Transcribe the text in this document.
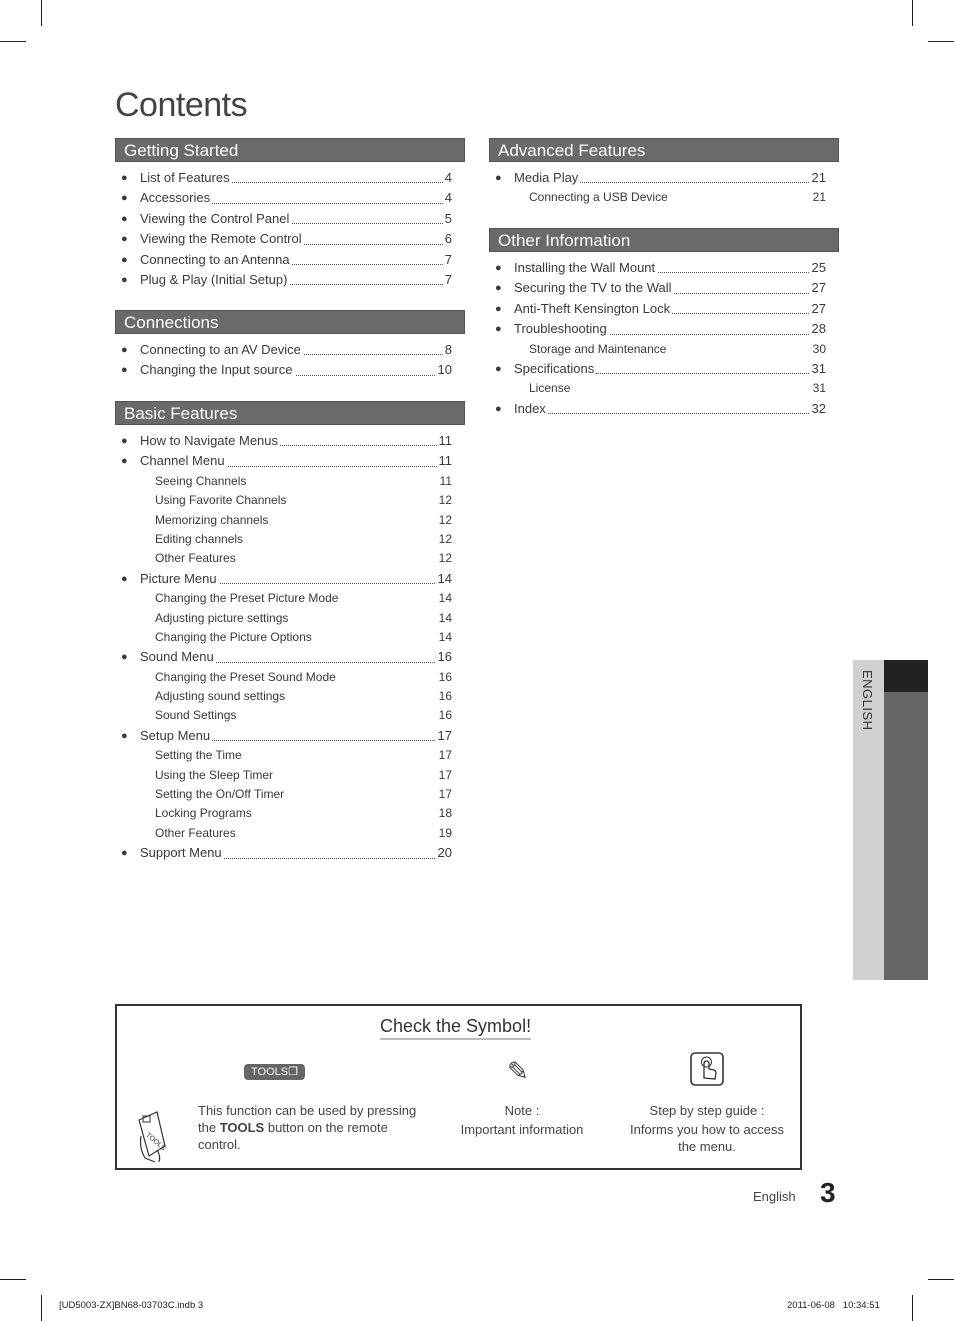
Contents
Getting Started
● List of Features	4
● Accessories	4
● Viewing the Control Panel	5
● Viewing the Remote Control	6
● Connecting to an Antenna	7
● Plug & Play (Initial Setup)	7
Connections
● Connecting to an AV Device	8
● Changing the Input source	10
Basic Features
● How to Navigate Menus	11
● Channel Menu	11
Seeing Channels	11
Using Favorite Channels	12
Memorizing channels	12
Editing channels	12
Other Features	12
● Picture Menu	14
Changing the Preset Picture Mode	14
Adjusting picture settings	14
Changing the Picture Options	14
● Sound Menu	16
Changing the Preset Sound Mode	16
Adjusting sound settings	16
Sound Settings	16
● Setup Menu	17
Setting the Time	17
Using the Sleep Timer	17
Setting the On/Off Timer	17
Locking Programs	18
Other Features	19
● Support Menu	20
Advanced Features
● Media Play	21
Connecting a USB Device	21
Other Information
● Installing the Wall Mount	25
● Securing the TV to the Wall	27
● Anti-Theft Kensington Lock	27
● Troubleshooting	28
Storage and Maintenance	30
● Specifications	31
License	31
● Index	32
ENGLISH
Check the Symbol!
TOOLS❐
TOOLS
This function can be used by pressing
the TOOLS button on the remote
control.
✎
Note :
Important information
Step by step guide :
Informs you how to access
the menu.
English 3
[UD5003-ZX]BN68-03703C.indb 3	2011-06-08   10:34:51
